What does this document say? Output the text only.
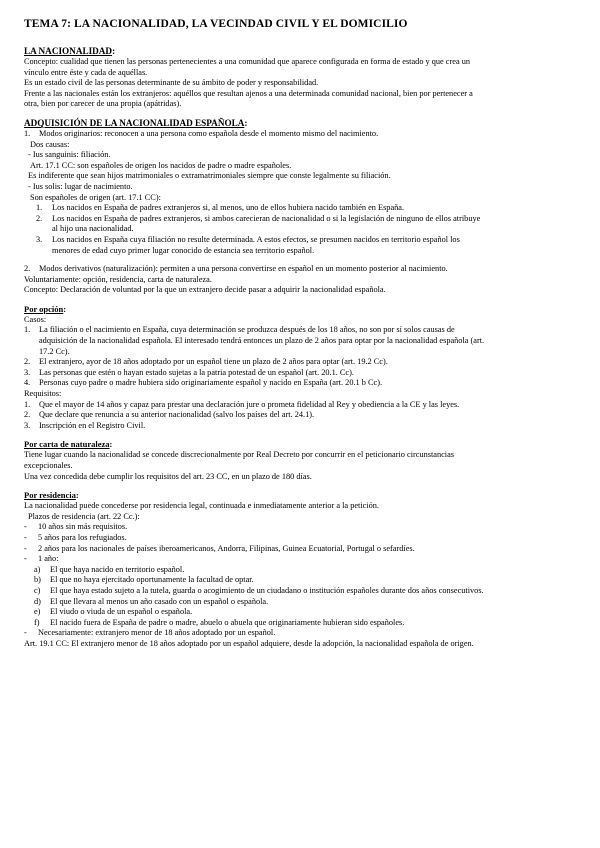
TEMA 7: LA NACIONALIDAD, LA VECINDAD CIVIL Y EL DOMICILIO

LA NACIONALIDAD:

Concepto: cualidad que tienen las personas pertenecientes a una comunidad que aparece configurada en forma de estado y que crea un

vínculo entre éste y cada de aquéllas.

Es un estado civil de las personas determinante de su ámbito de poder y responsabilidad.

Frente a las nacionales están los extranjeros: aquéllos que resultan ajenos a una determinada comunidad nacional, bien por pertenecer a

otra, bien por carecer de una propia (apátridas).

ADQUISICIÓN DE LA NACIONALIDAD ESPAÑOLA:

1.	Modos originarios: reconocen a una persona como española desde el momento mismo del nacimiento.

Dos causas:

- Ius sanguinis: filiación.

Art. 17.1 CC: son españoles de origen los nacidos de padre o madre españoles.

Es indiferente que sean hijos matrimoniales o extramatrimoniales siempre que conste legalmente su filiación.

- Ius solis: lugar de nacimiento.

Son españoles de origen (art. 17.1 CC):

1.	Los nacidos en España de padres extranjeros si, al menos, uno de ellos hubiera nacido también en España.
2.	Los nacidos en España de padres extranjeros, si ambos carecieran de nacionalidad o si la legislación de ninguno de ellos atribuye
al hijo una nacionalidad.
3.	Los nacidos en España cuya filiación no resulte determinada. A estos efectos, se presumen nacidos en territorio español los
menores de edad cuyo primer lugar conocido de estancia sea territorio español.
2.	Modos derivativos (naturalización): permiten a una persona convertirse en español en un momento posterior al nacimiento.

Voluntariamente: opción, residencia, carta de naturaleza.

Concepto: Declaración de voluntad por la que un extranjero decide pasar a adquirir la nacionalidad española.

Por opción:

Casos:

1.	La filiación o el nacimiento en España, cuya determinación se produzca después de los 18 años, no son por sí solos causas de
adquisición de la nacionalidad española. El interesado tendrá entonces un plazo de 2 años para optar por la nacionalidad española (art.
17.2 Cc).
2.	El extranjero, ayor de 18 años adoptado por un español tiene un plazo de 2 años para optar (art. 19.2 Cc).
3.	Las personas que estén o hayan estado sujetas a la patria potestad de un español (art. 20.1. Cc).
4.	Personas cuyo padre o madre hubiera sido originariamente español y nacido en España (art. 20.1 b Cc).

Requisitos:

1.	Que el mayor de 14 años y capaz para prestar una declaración jure o prometa fidelidad al Rey y obediencia a la CE y las leyes.
2.	Que declare que renuncia a su anterior nacionalidad (salvo los países del art. 24.1).
3.	Inscripción en el Registro Civil.

Por carta de naturaleza:

Tiene lugar cuando la nacionalidad se concede discrecionalmente por Real Decreto por concurrir en el peticionario circunstancias

excepcionales.

Una vez concedida debe cumplir los requisitos del art. 23 CC, en un plazo de 180 días.

Por residencia:

La nacionalidad puede concederse por residencia legal, continuada e inmediatamente anterior a la petición.

Plazos de residencia (art. 22 Cc.):

-	10 años sin más requisitos.
-	5 años para los refugiados.
-	2 años para los nacionales de países iberoamericanos, Andorra, Filipinas, Guinea Ecuatorial, Portugal o sefardíes.
-	1 año:
a)	El que haya nacido en territorio español.
b)	El que no haya ejercitado oportunamente la facultad de optar.
c)	El que haya estado sujeto a la tutela, guarda o acogimiento de un ciudadano o institución españoles durante dos años consecutivos.
d)	El que llevara al menos un año casado con un español o española.
e)	El viudo o viuda de un español o española.
f)	El nacido fuera de España de padre o madre, abuelo o abuela que originariamente hubieran sido españoles.
-	Necesariamente: extranjero menor de 18 años adoptado por un español.

Art. 19.1 CC: El extranjero menor de 18 años adoptado por un español adquiere, desde la adopción, la nacionalidad española de origen.
